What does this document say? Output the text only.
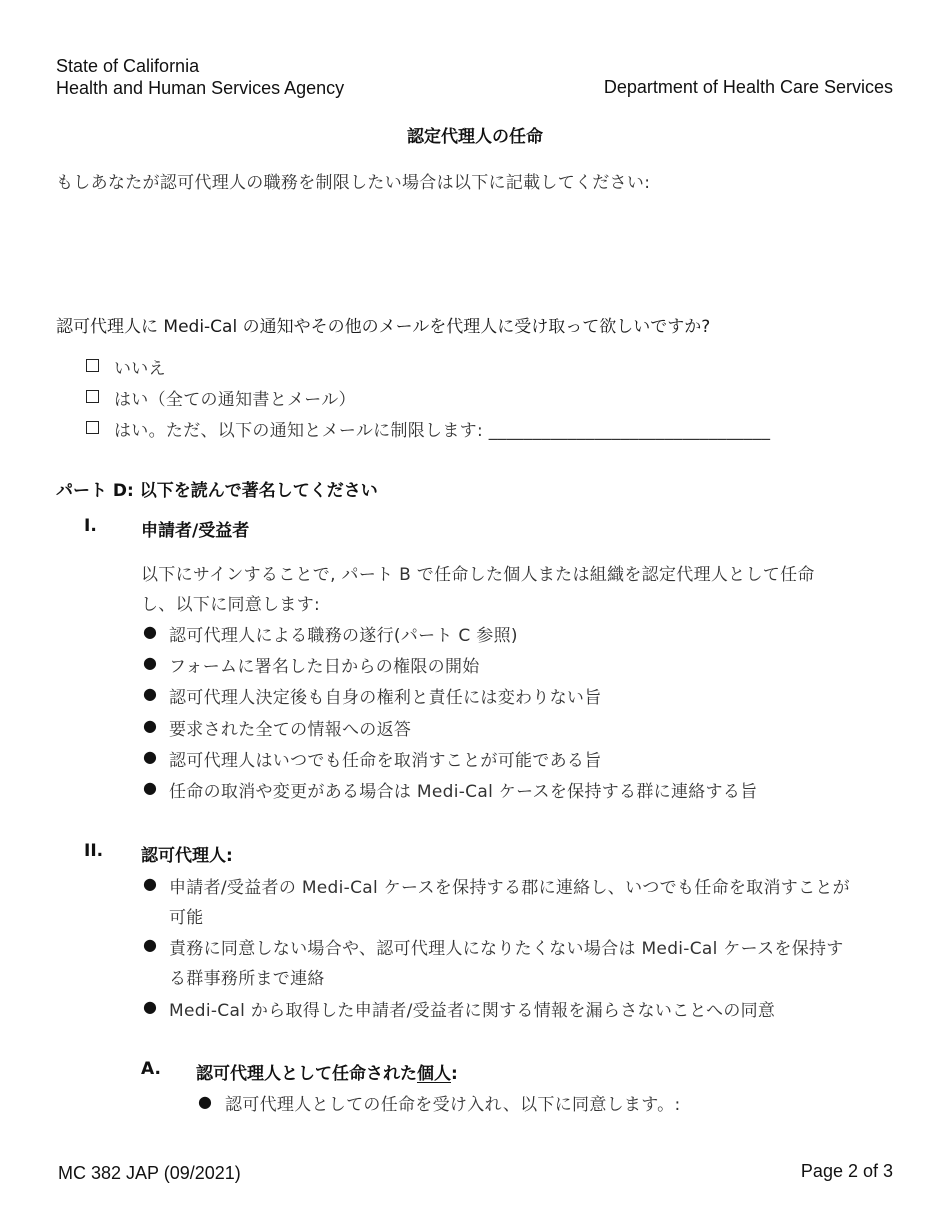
State of California
Health and Human Services Agency	Department of Health Care Services
認定代理人の任命
もしあなたが認可代理人の職務を制限したい場合は以下に記載してください:
認可代理人に Medi-Cal の通知やその他のメールを代理人に受け取って欲しいですか?
いいえ
はい（全ての通知書とメール）
はい。ただ、以下の通知とメールに制限します: ________________________________
パート D: 以下を読んで著名してください
I.	申請者/受益者
以下にサインすることで, パート B で任命した個人または組織を認定代理人として任命
し、以下に同意します:
● 認可代理人による職務の遂行(パート C 参照)
● フォームに署名した日からの権限の開始
● 認可代理人決定後も自身の権利と責任には変わりない旨
● 要求された全ての情報への返答
● 認可代理人はいつでも任命を取消すことが可能である旨
● 任命の取消や変更がある場合は Medi-Cal ケースを保持する群に連絡する旨
II. 認可代理人:
● 申請者/受益者の Medi-Cal ケースを保持する郡に連絡し、いつでも任命を取消すことが
可能
● 責務に同意しない場合や、認可代理人になりたくない場合は Medi-Cal ケースを保持す
る群事務所まで連絡
● Medi-Cal から取得した申請者/受益者に関する情報を漏らさないことへの同意
A. 認可代理人として任命された個人:
● 認可代理人としての任命を受け入れ、以下に同意します。:
MC 382 JAP (09/2021)	Page 2 of 3
